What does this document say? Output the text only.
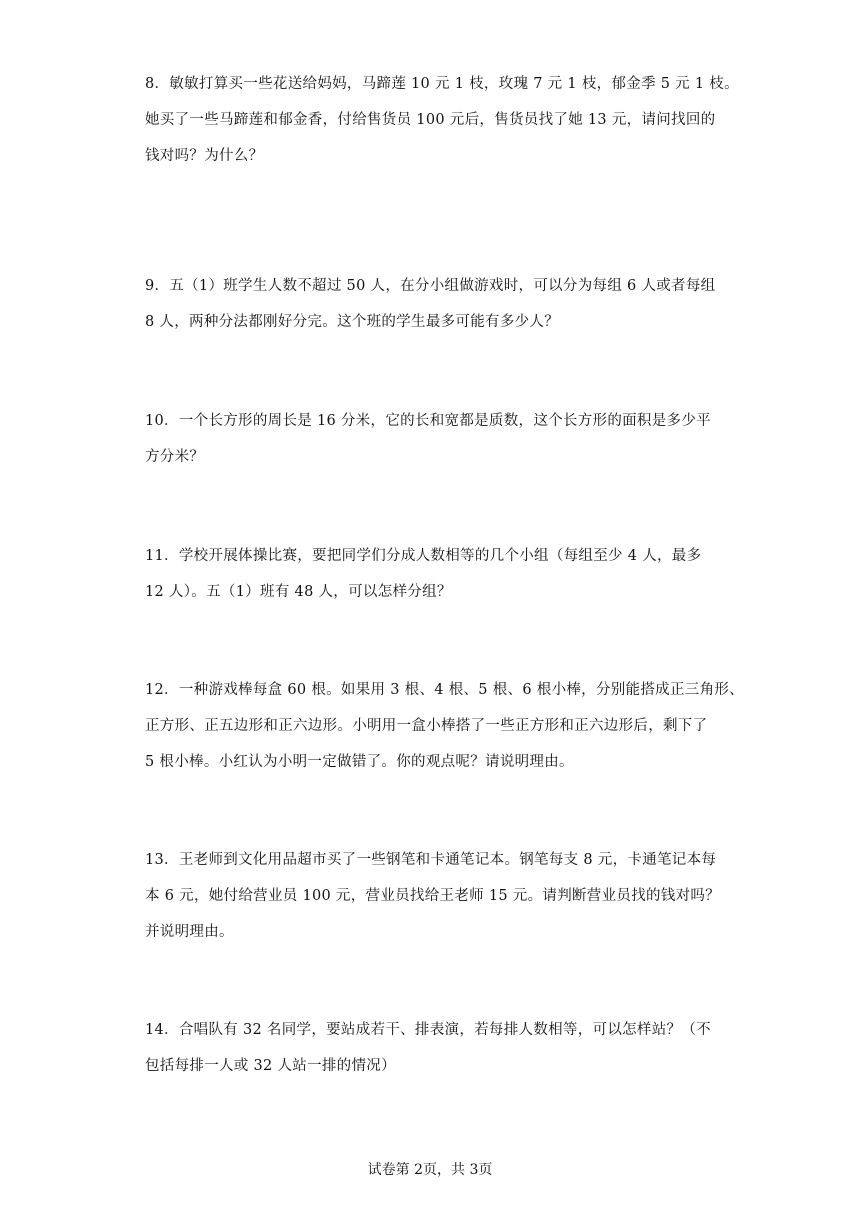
8．敏敏打算买一些花送给妈妈，马蹄莲 10 元 1 枝，玫瑰 7 元 1 枝，郁金季 5 元 1 枝。
她买了一些马蹄莲和郁金香，付给售货员 100 元后，售货员找了她 13 元，请问找回的
钱对吗？为什么？
9．五（1）班学生人数不超过 50 人，在分小组做游戏时，可以分为每组 6 人或者每组
8 人，两种分法都刚好分完。这个班的学生最多可能有多少人？
10．一个长方形的周长是 16 分米，它的长和宽都是质数，这个长方形的面积是多少平
方分米？
11．学校开展体操比赛，要把同学们分成人数相等的几个小组（每组至少 4 人，最多
12 人）。五（1）班有 48 人，可以怎样分组？
12．一种游戏棒每盒 60 根。如果用 3 根、4 根、5 根、6 根小棒，分别能搭成正三角形、
正方形、正五边形和正六边形。小明用一盒小棒搭了一些正方形和正六边形后，剩下了
5 根小棒。小红认为小明一定做错了。你的观点呢？请说明理由。
13．王老师到文化用品超市买了一些钢笔和卡通笔记本。钢笔每支 8 元，卡通笔记本每
本 6 元，她付给营业员 100 元，营业员找给王老师 15 元。请判断营业员找的钱对吗？
并说明理由。
14．合唱队有 32 名同学，要站成若干、排表演，若每排人数相等，可以怎样站？（不
包括每排一人或 32 人站一排的情况）
试卷第 2页，共 3页
